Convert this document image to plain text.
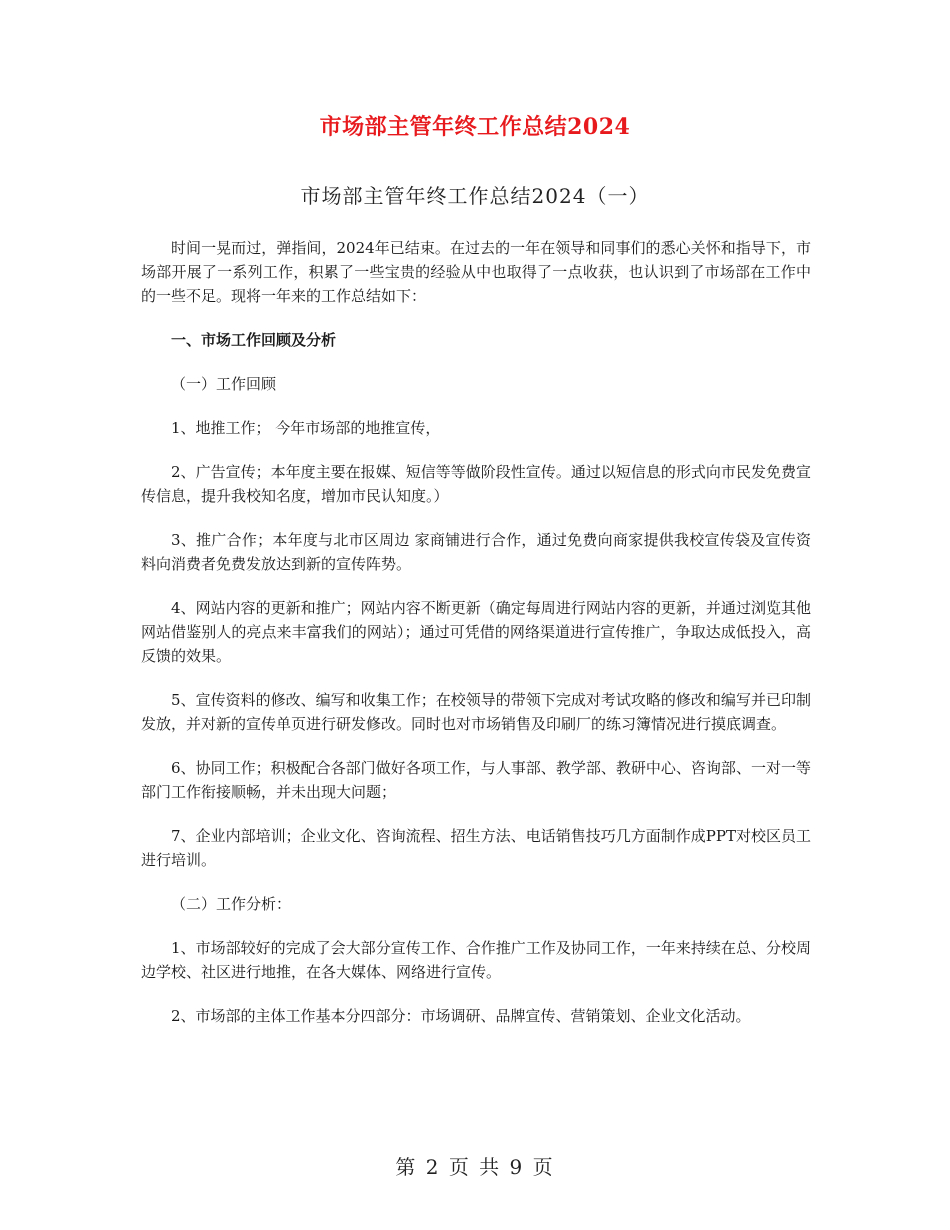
市场部主管年终工作总结2024
市场部主管年终工作总结2024（一）

时间一晃而过，弹指间，2024年已结束。在过去的一年在领导和同事们的悉心关怀和指导下，市场部开展了一系列工作，积累了一些宝贵的经验从中也取得了一点收获，也认识到了市场部在工作中的一些不足。现将一年来的工作总结如下：

一、市场工作回顾及分析

（一）工作回顾

1、地推工作； 今年市场部的地推宣传，

2、广告宣传；本年度主要在报媒、短信等等做阶段性宣传。通过以短信息的形式向市民发免费宣传信息，提升我校知名度，增加市民认知度。）

3、推广合作；本年度与北市区周边 家商铺进行合作，通过免费向商家提供我校宣传袋及宣传资料向消费者免费发放达到新的宣传阵势。

4、网站内容的更新和推广；网站内容不断更新（确定每周进行网站内容的更新，并通过浏览其他网站借鉴别人的亮点来丰富我们的网站）；通过可凭借的网络渠道进行宣传推广，争取达成低投入，高反馈的效果。

5、宣传资料的修改、编写和收集工作；在校领导的带领下完成对考试攻略的修改和编写并已印制发放，并对新的宣传单页进行研发修改。同时也对市场销售及印刷厂的练习簿情况进行摸底调查。

6、协同工作；积极配合各部门做好各项工作，与人事部、教学部、教研中心、咨询部、一对一等部门工作衔接顺畅，并未出现大问题；

7、企业内部培训；企业文化、咨询流程、招生方法、电话销售技巧几方面制作成PPT对校区员工进行培训。

（二）工作分析：

1、市场部较好的完成了会大部分宣传工作、合作推广工作及协同工作，一年来持续在总、分校周边学校、社区进行地推，在各大媒体、网络进行宣传。

2、市场部的主体工作基本分四部分：市场调研、品牌宣传、营销策划、企业文化活动。

第 2 页 共 9 页
